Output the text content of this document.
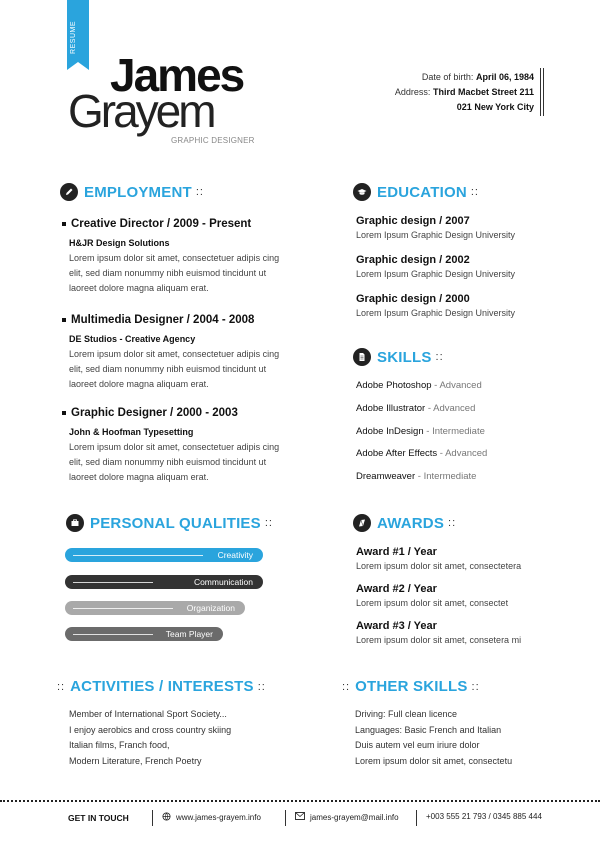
RESUME
James
Grayem
GRAPHIC DESIGNER
Date of birth: April 06, 1984
Address: Third Macbet Street 211
021 New York City
EMPLOYMENT ::
Creative Director / 2009 - Present
H&JR Design Solutions
Lorem ipsum dolor sit amet, consectetuer adipis cing elit, sed diam nonummy nibh euismod tincidunt ut laoreet dolore magna aliquam erat.
Multimedia Designer / 2004 - 2008
DE Studios - Creative Agency
Lorem ipsum dolor sit amet, consectetuer adipis cing elit, sed diam nonummy nibh euismod tincidunt ut laoreet dolore magna aliquam erat.
Graphic Designer / 2000 - 2003
John & Hoofman Typesetting
Lorem ipsum dolor sit amet, consectetuer adipis cing elit, sed diam nonummy nibh euismod tincidunt ut laoreet dolore magna aliquam erat.
EDUCATION ::
Graphic design / 2007
Lorem Ipsum Graphic Design University
Graphic design / 2002
Lorem Ipsum Graphic Design University
Graphic design / 2000
Lorem Ipsum Graphic Design University
SKILLS ::
Adobe Photoshop - Advanced
Adobe Illustrator - Advanced
Adobe InDesign - Intermediate
Adobe After Effects - Advanced
Dreamweaver - Intermediate
PERSONAL QUALITIES ::
Creativity
Communication
Organization
Team Player
AWARDS ::
Award #1 / Year
Lorem ipsum dolor sit amet, consectetera
Award #2 / Year
Lorem ipsum dolor sit amet, consectet
Award #3 / Year
Lorem ipsum dolor sit amet, consetera mi
:: ACTIVITIES / INTERESTS ::
Member of International Sport Society...
I enjoy aerobics and cross country skiing
Italian films, Franch food,
Modern Literature, French Poetry
:: OTHER SKILLS ::
Driving: Full clean licence
Languages: Basic French and Italian
Duis autem vel eum iriure dolor
Lorem ipsum dolor sit amet, consectetu
GET IN TOUCH	www.james-grayem.info	james-grayem@mail.info	+003 555 21 793 / 0345 885 444
